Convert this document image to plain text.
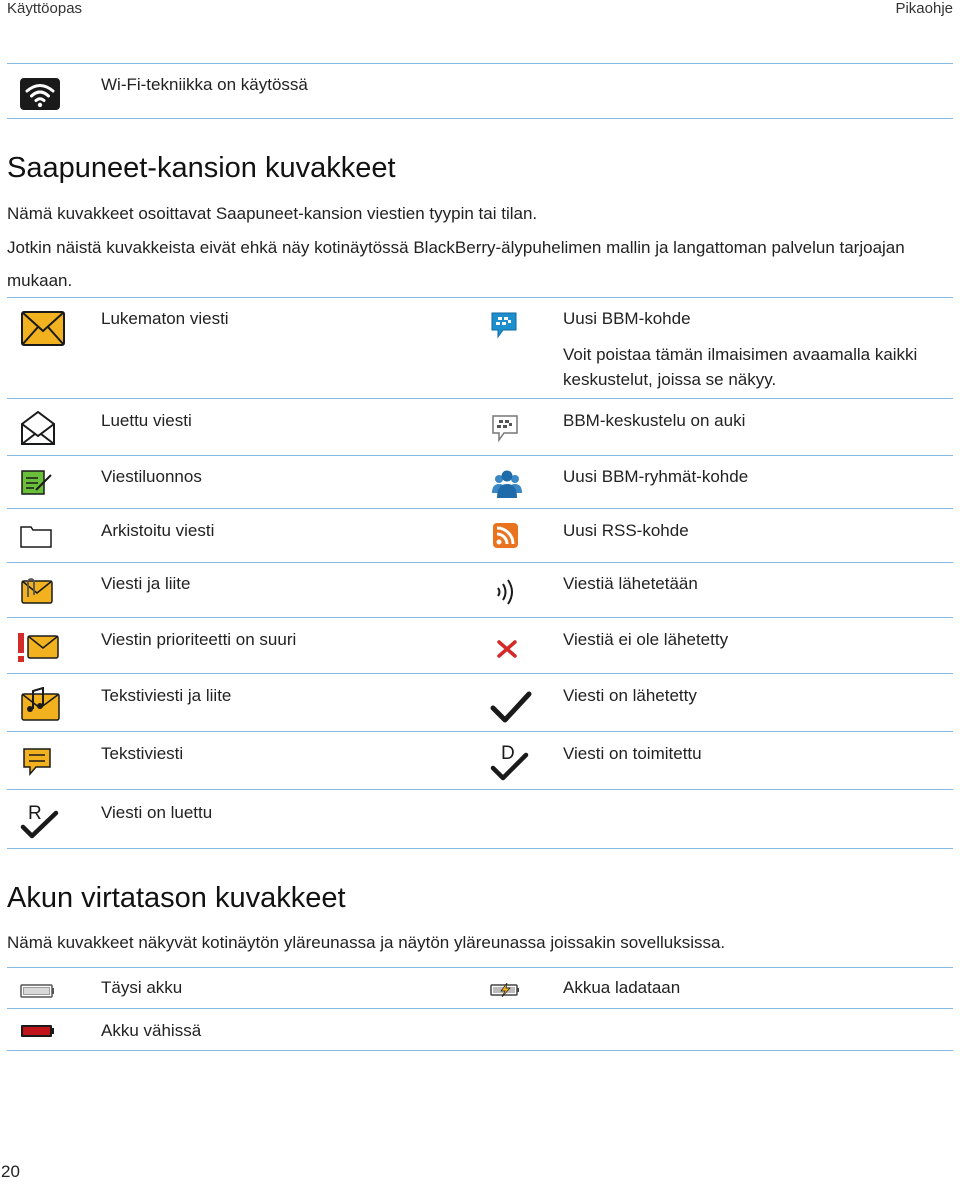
Käyttöopas	Pikaohje
Wi-Fi-tekniikka on käytössä
Saapuneet-kansion kuvakkeet

Nämä kuvakkeet osoittavat Saapuneet-kansion viestien tyypin tai tilan.

Jotkin näistä kuvakkeista eivät ehkä näy kotinäytössä BlackBerry-älypuhelimen mallin ja langattoman palvelun tarjoajan mukaan.

Lukematon viesti	Uusi BBM-kohde
Voit poistaa tämän ilmaisimen avaamalla kaikki keskustelut, joissa se näkyy.
Luettu viesti	BBM-keskustelu on auki
Viestiluonnos	Uusi BBM-ryhmät-kohde
Arkistoitu viesti	Uusi RSS-kohde
Viesti ja liite	Viestiä lähetetään
Viestin prioriteetti on suuri	Viestiä ei ole lähetetty
Tekstiviesti ja liite	Viesti on lähetetty
Tekstiviesti	D	Viesti on toimitettu
R	Viesti on luettu
Akun virtatason kuvakkeet

Nämä kuvakkeet näkyvät kotinäytön yläreunassa ja näytön yläreunassa joissakin sovelluksissa.

Täysi akku	Akkua ladataan
Akku vähissä
20
